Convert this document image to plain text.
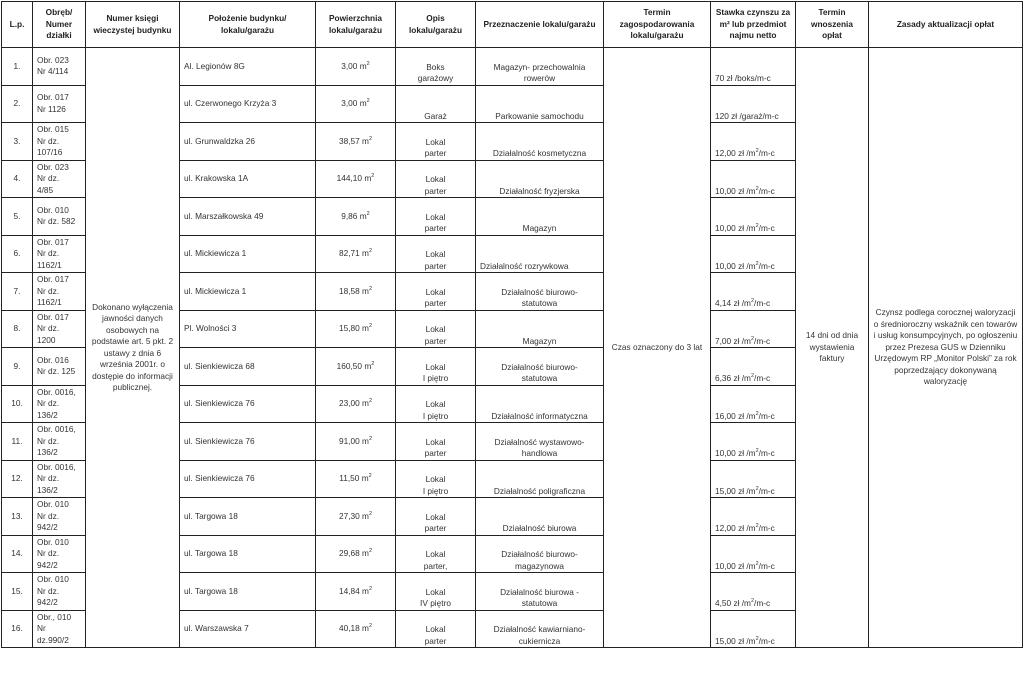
L.p.	Obręb/ Numer działki	Numer księgi wieczystej budynku	Położenie budynku/ lokalu/garażu	Powierzchnia lokalu/garażu	Opis lokalu/garażu	Przeznaczenie lokalu/garażu	Termin zagospodarowania lokalu/garażu	Stawka czynszu za m² lub przedmiot najmu netto	Termin wnoszenia opłat	Zasady aktualizacji opłat
1.	Obr. 023
Nr 4/114	Dokonano wyłączenia jawności danych osobowych na podstawie art. 5 pkt. 2 ustawy z dnia 6 września 2001r. o dostępie do informacji publicznej.	Al. Legionów 8G	3,00 $m^2$	Boks
garażowy	Magazyn- przechowalnia
rowerów	Czas oznaczony do 3 lat	70 zł /boks/m-c	14 dni od dnia wystawienia faktury	Czynsz podlega corocznej waloryzacji o średnioroczny wskaźnik cen towarów i usług konsumpcyjnych, po ogłoszeniu przez Prezesa GUS w Dzienniku Urzędowym RP „Monitor Polski” za rok poprzedzający dokonywaną waloryzację
2.	Obr. 017
Nr 1126		ul. Czerwonego Krzyża 3	3,00 $m^2$	Garaż	Parkowanie samochodu		120 zł /garaż/m-c		
3.	Obr. 015
Nr dz.
107/16		ul. Grunwaldzka 26	38,57 $m^2$	Lokal
parter	Działalność kosmetyczna		12,00 zł $/m^2/m-c$		
4.	Obr. 023
Nr dz.
4/85		ul. Krakowska 1A	144,10 $m^2$	Lokal
parter	Działalność fryzjerska		10,00 zł $/m^2/m-c$		
5.	Obr. 010
Nr dz. 582		ul. Marszałkowska 49	9,86 $m^2$	Lokal
parter	Magazyn		10,00 zł $/m^2/m-c$		
6.	Obr. 017
Nr dz.
1162/1		ul. Mickiewicza 1	82,71 $m^2$	Lokal
parter	Działalność rozrywkowa		10,00 zł $/m^2/m-c$		
7.	Obr. 017
Nr dz.
1162/1		ul. Mickiewicza 1	18,58 $m^2$	Lokal
parter	Działalność biurowo-
statutowa		4,14 zł $/m^2/m-c$		
8.	Obr. 017
Nr dz.
1200		Pl. Wolności 3	15,80 $m^2$	Lokal
parter	Magazyn		7,00 zł $/m^2/m-c$		
9.	Obr. 016
Nr dz. 125		ul. Sienkiewicza 68	160,50 $m^2$	Lokal
I piętro	Działalność biurowo-
statutowa		6,36 zł $/m^2/m-c$		
10.	Obr. 0016,
Nr dz.
136/2		ul. Sienkiewicza 76	23,00 $m^2$	Lokal
I piętro	Działalność informatyczna		16,00 zł $/m^2/m-c$		
11.	Obr. 0016,
Nr dz.
136/2		ul. Sienkiewicza 76	91,00 $m^2$	Lokal
parter	Działalność wystawowo-
handlowa		10,00 zł $/m^2/m-c$		
12.	Obr. 0016,
Nr dz.
136/2		ul. Sienkiewicza 76	11,50 $m^2$	Lokal
I piętro	Działalność poligraficzna		15,00 zł $/m^2/m-c$		
13.	Obr. 010
Nr dz.
942/2		ul. Targowa 18	27,30 $m^2$	Lokal
parter	Działalność biurowa		12,00 zł $/m^2/m-c$		
14.	Obr. 010
Nr dz.
942/2		ul. Targowa 18	29,68 $m^2$	Lokal
parter,	Działalność biurowo-
magazynowa		10,00 zł $/m^2/m-c$		
15.	Obr. 010
Nr dz.
942/2		ul. Targowa 18	14,84 $m^2$	Lokal
IV piętro	Działalność biurowa -
statutowa		4,50 zł $/m^2/m-c$		
16.	Obr., 010
Nr
dz.990/2		ul. Warszawska 7	40,18 $m^2$	Lokal
parter	Działalność kawiarniano-
cukiernicza		15,00 zł $/m^2/m-c$		
